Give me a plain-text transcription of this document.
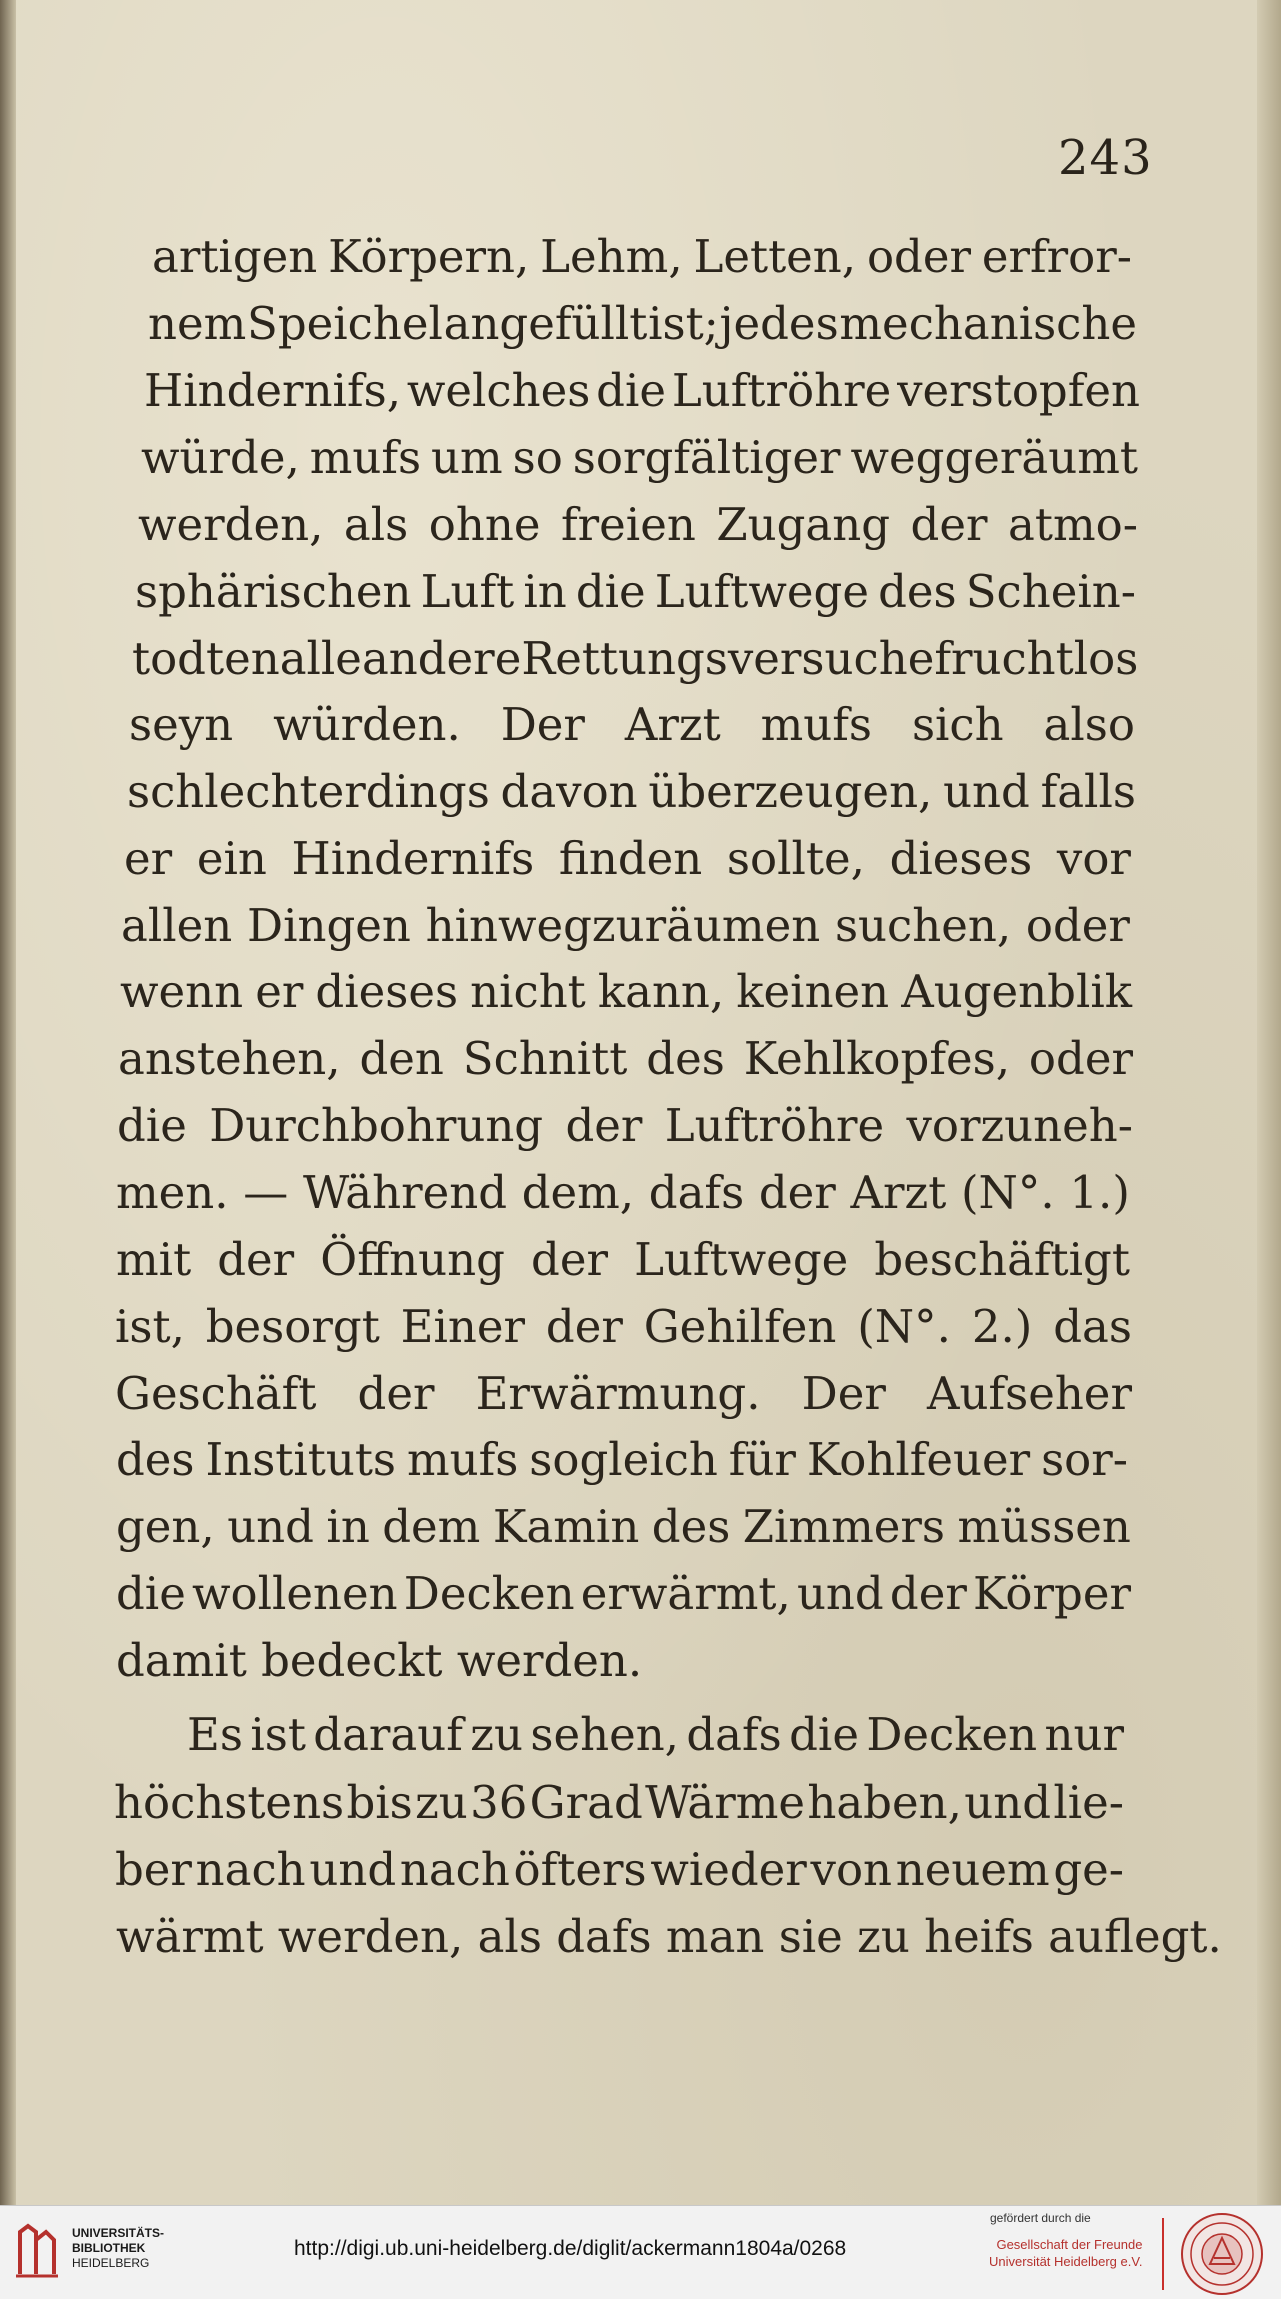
243
artigen Körpern, Lehm, Letten, oder erfror-
nem Speichel angefüllt ist; jedes mechanische
Hindernifs, welches die Luftröhre verstopfen
würde, mufs um so sorgfältiger weggeräumt
werden, als ohne freien Zugang der atmo-
sphärischen Luft in die Luftwege des Schein-
todten alle andere Rettungsversuche fruchtlos
seyn würden. Der Arzt mufs sich also
schlechterdings davon überzeugen, und falls
er ein Hindernifs finden sollte, dieses vor
allen Dingen hinwegzuräumen suchen, oder
wenn er dieses nicht kann, keinen Augenblik
anstehen, den Schnitt des Kehlkopfes, oder
die Durchbohrung der Luftröhre vorzuneh-
men. — Während dem, dafs der Arzt (N°. 1.)
mit der Öffnung der Luftwege beschäftigt
ist, besorgt Einer der Gehilfen (N°. 2.) das
Geschäft der Erwärmung. Der Aufseher
des Instituts mufs sogleich für Kohlfeuer sor-
gen, und in dem Kamin des Zimmers müssen
die wollenen Decken erwärmt, und der Körper
damit bedeckt werden.
Es ist darauf zu sehen, dafs die Decken nur
höchstens bis zu 36 Grad Wärme haben, und lie-
ber nach und nach öfters wieder von neuem ge-
wärmt werden, als dafs man sie zu heifs auflegt.
UNIVERSITÄTS-
BIBLIOTHEK
HEIDELBERG
http://digi.ub.uni-heidelberg.de/diglit/ackermann1804a/0268
gefördert durch die
Gesellschaft der Freunde
Universität Heidelberg e.V.
